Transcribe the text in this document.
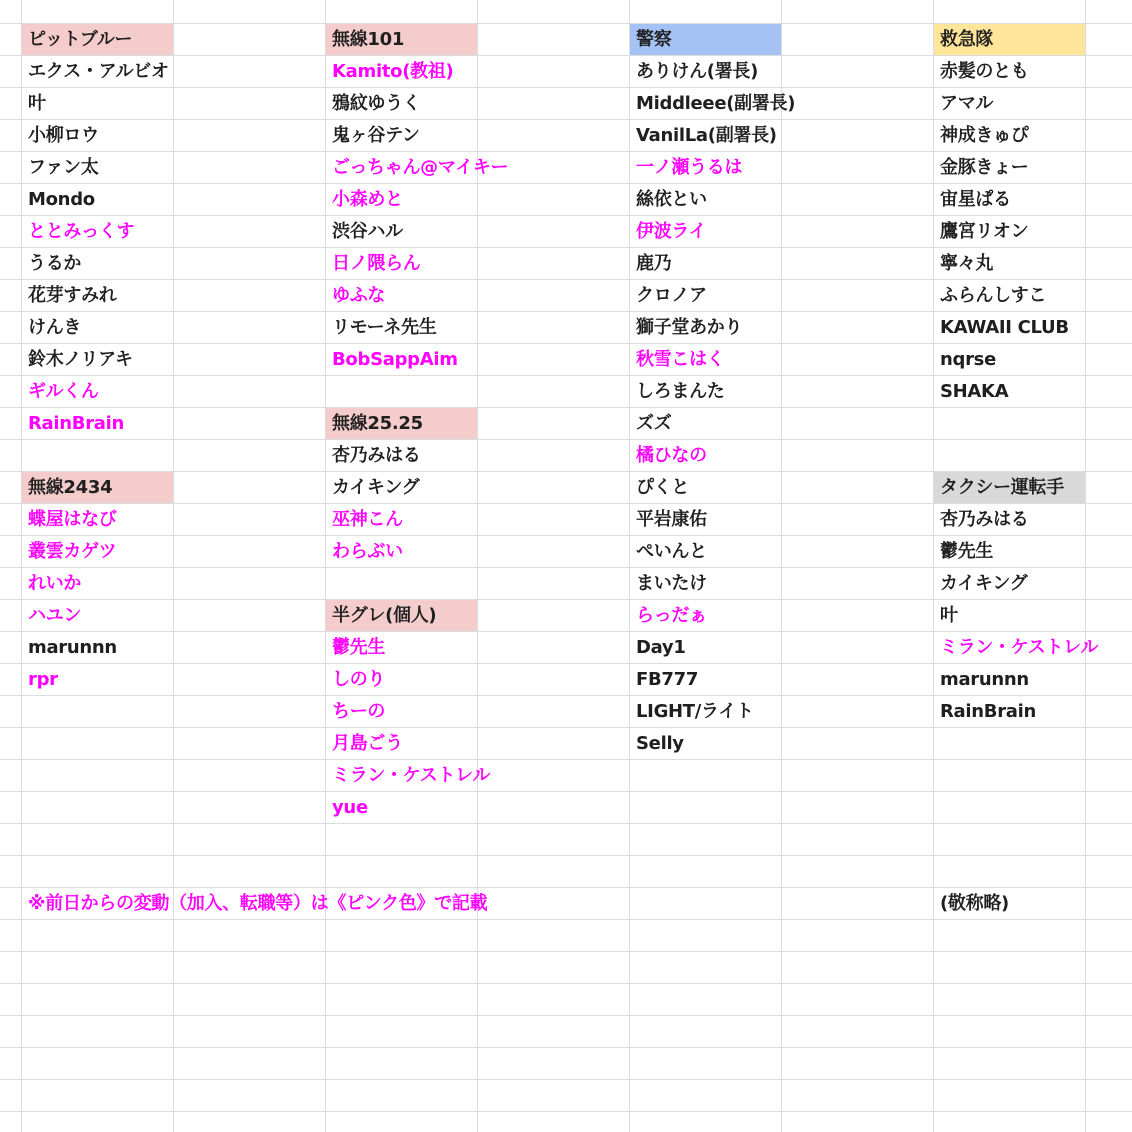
ピットブルー
エクス・アルビオ
叶
小柳ロウ
ファン太
Mondo
ととみっくす
うるか
花芽すみれ
けんき
鈴木ノリアキ
ギルくん
RainBrain
無線2434
蝶屋はなび
叢雲カゲツ
れいか
ハユン
marunnn
rpr
無線101
Kamito(教祖)
鴉紋ゆうく
鬼ヶ谷テン
ごっちゃん@マイキー
小森めと
渋谷ハル
日ノ隈らん
ゆふな
リモーネ先生
BobSappAim
無線25.25
杏乃みはる
カイキング
巫神こん
わらぶい
半グレ(個人)
鬱先生
しのり
ちーの
月島ごう
ミラン・ケストレル
yue
警察
ありけん(署長)
Middleee(副署長)
VanilLa(副署長)
一ノ瀬うるは
絲依とい
伊波ライ
鹿乃
クロノア
獅子堂あかり
秋雪こはく
しろまんた
ズズ
橘ひなの
ぴくと
平岩康佑
ぺいんと
まいたけ
らっだぁ
Day1
FB777
LIGHT/ライト
Selly
救急隊
赤髪のとも
アマル
神成きゅぴ
金豚きょー
宙星ぱる
鷹宮リオン
寧々丸
ふらんしすこ
KAWAII CLUB
nqrse
SHAKA
タクシー運転手
杏乃みはる
鬱先生
カイキング
叶
ミラン・ケストレル
marunnn
RainBrain
※前日からの変動（加入、転職等）は《ピンク色》で記載	(敬称略)
